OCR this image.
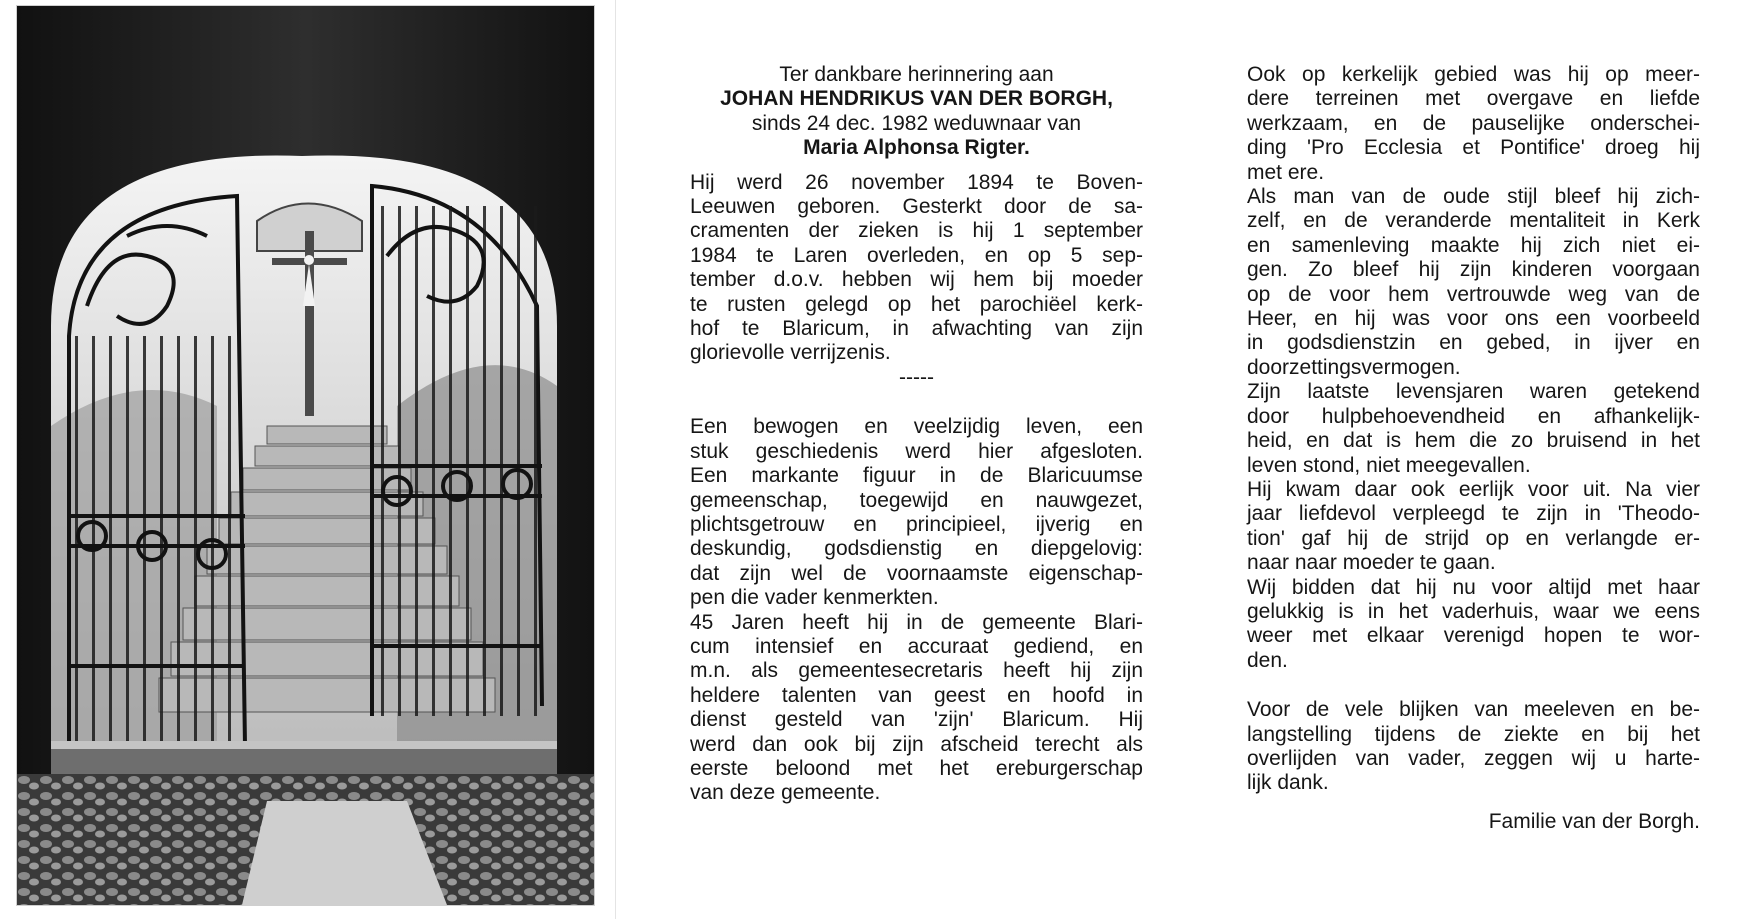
Ter dankbare herinnering aan

JOHAN HENDRIKUS VAN DER BORGH,

sinds 24 dec. 1982 weduwnaar van

Maria Alphonsa Rigter.

Hij werd 26 november 1894 te Boven-

Leeuwen geboren. Gesterkt door de sa-

cramenten der zieken is hij 1 september

1984 te Laren overleden, en op 5 sep-

tember d.o.v. hebben wij hem bij moeder

te rusten gelegd op het parochiëel kerk-

hof te Blaricum, in afwachting van zijn

glorievolle verrijzenis.

-----

Een bewogen en veelzijdig leven, een

stuk geschiedenis werd hier afgesloten.

Een markante figuur in de Blaricuumse

gemeenschap, toegewijd en nauwgezet,

plichtsgetrouw en principieel, ijverig en

deskundig, godsdienstig en diepgelovig:

dat zijn wel de voornaamste eigenschap-

pen die vader kenmerkten.

45 Jaren heeft hij in de gemeente Blari-

cum intensief en accuraat gediend, en

m.n. als gemeentesecretaris heeft hij zijn

heldere talenten van geest en hoofd in

dienst gesteld van 'zijn' Blaricum. Hij

werd dan ook bij zijn afscheid terecht als

eerste beloond met het ereburgerschap

van deze gemeente.

Ook op kerkelijk gebied was hij op meer-

dere terreinen met overgave en liefde

werkzaam, en de pauselijke onderschei-

ding 'Pro Ecclesia et Pontifice' droeg hij

met ere.

Als man van de oude stijl bleef hij zich-

zelf, en de veranderde mentaliteit in Kerk

en samenleving maakte hij zich niet ei-

gen. Zo bleef hij zijn kinderen voorgaan

op de voor hem vertrouwde weg van de

Heer, en hij was voor ons een voorbeeld

in godsdienstzin en gebed, in ijver en

doorzettingsvermogen.

Zijn laatste levensjaren waren getekend

door hulpbehoevendheid en afhankelijk-

heid, en dat is hem die zo bruisend in het

leven stond, niet meegevallen.

Hij kwam daar ook eerlijk voor uit. Na vier

jaar liefdevol verpleegd te zijn in 'Theodo-

tion' gaf hij de strijd op en verlangde er-

naar naar moeder te gaan.

Wij bidden dat hij nu voor altijd met haar

gelukkig is in het vaderhuis, waar we eens

weer met elkaar verenigd hopen te wor-

den.

Voor de vele blijken van meeleven en be-

langstelling tijdens de ziekte en bij het

overlijden van vader, zeggen wij u harte-

lijk dank.

Familie van der Borgh.
